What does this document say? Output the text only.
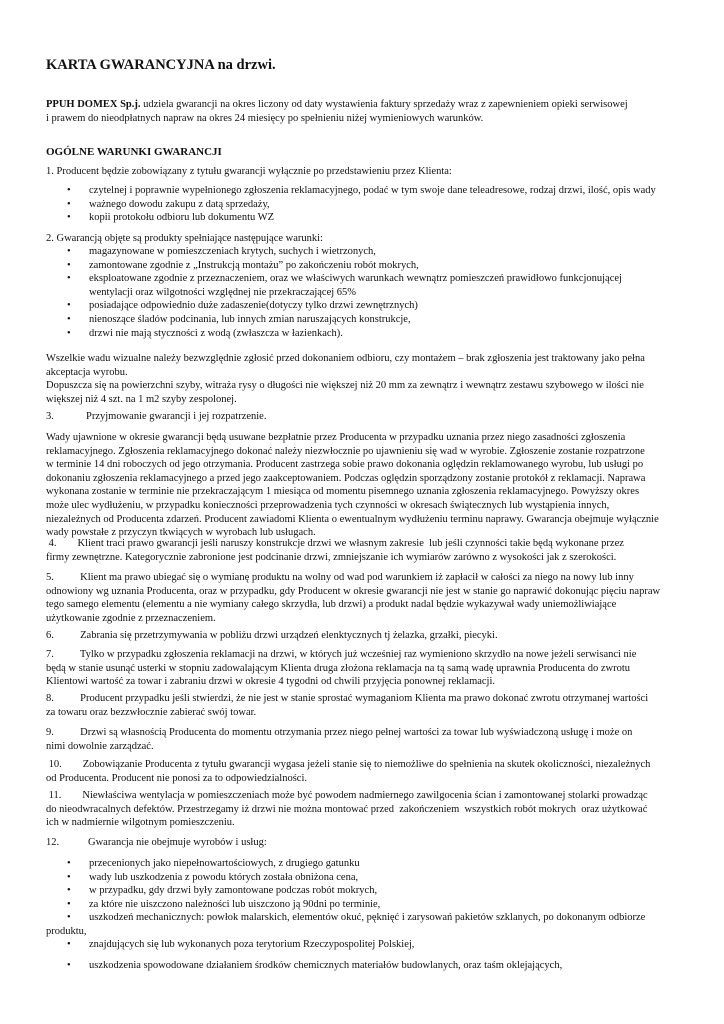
KARTA GWARANCYJNA na drzwi.

PPUH DOMEX Sp.j. udziela gwarancji na okres liczony od daty wystawienia faktury sprzedaży wraz z zapewnieniem opieki serwisowej
i prawem do nieodpłatnych napraw na okres 24 miesięcy po spełnieniu niżej wymieniowych warunków.

OGÓLNE WARUNKI GWARANCJI

1. Producent będzie zobowiązany z tytułu gwarancji wyłącznie po przedstawieniu przez Klienta:

• czytelnej i poprawnie wypełnionego zgłoszenia reklamacyjnego, podać w tym swoje dane teleadresowe, rodzaj drzwi, ilość, opis wady
• ważnego dowodu zakupu z datą sprzedaży,
• kopii protokołu odbioru lub dokumentu WZ

2. Gwarancją objęte są produkty spełniające następujące warunki:

• magazynowane w pomieszczeniach krytych, suchych i wietrzonych,
• zamontowane zgodnie z „Instrukcją montażu” po zakończeniu robót mokrych,
• eksploatowane zgodnie z przeznaczeniem, oraz we właściwych warunkach wewnątrz pomieszczeń prawidłowo funkcjonującej
wentylacji oraz wilgotności względnej nie przekraczającej 65%
• posiadające odpowiednio duże zadaszenie(dotyczy tylko drzwi zewnętrznych)
• nienoszące śladów podcinania, lub innych zmian naruszających konstrukcje,
• drzwi nie mają styczności z wodą (zwłaszcza w łazienkach).

Wszelkie wadu wizualne należy bezwzględnie zgłosić przed dokonaniem odbioru, czy montażem – brak zgłoszenia jest traktowany jako pełna
akceptacja wyrobu.
Dopuszcza się na powierzchni szyby, witraża rysy o długości nie większej niż 20 mm za zewnątrz i wewnątrz zestawu szybowego w ilości nie
większej niż 4 szt. na 1 m2 szyby zespolonej.

3.	Przyjmowanie gwarancji i jej rozpatrzenie.

Wady ujawnione w okresie gwarancji będą usuwane bezpłatnie przez Producenta w przypadku uznania przez niego zasadności zgłoszenia
reklamacyjnego. Zgłoszenia reklamacyjnego dokonać należy niezwłocznie po ujawnieniu się wad w wyrobie. Zgłoszenie zostanie rozpatrzone
w terminie 14 dni roboczych od jego otrzymania. Producent zastrzega sobie prawo dokonania oględzin reklamowanego wyrobu, lub usługi po
dokonaniu zgłoszenia reklamacyjnego a przed jego zaakceptowaniem. Podczas oględzin sporządzony zostanie protokół z reklamacji. Naprawa
wykonana zostanie w terminie nie przekraczającym 1 miesiąca od momentu pisemnego uznania zgłoszenia reklamacyjnego. Powyższy okres
może ulec wydłużeniu, w przypadku konieczności przeprowadzenia tych czynności w okresach świątecznych lub wystąpienia innych,
niezależnych od Producenta zdarzeń. Producent zawiadomi Klienta o ewentualnym wydłużeniu terminu naprawy. Gwarancja obejmuje wyłącznie
wady powstałe z przyczyn tkwiących w wyrobach lub usługach.

4.        Klient traci prawo gwarancji jeśli naruszy konstrukcje drzwi we własnym zakresie  lub jeśli czynności takie będą wykonane przez
firmy zewnętrzne. Kategorycznie zabronione jest podcinanie drzwi, zmniejszanie ich wymiarów zarówno z wysokości jak z szerokości.

5.          Klient ma prawo ubiegać się o wymianę produktu na wolny od wad pod warunkiem iż zapłacił w całości za niego na nowy lub inny
odnowiony wg uznania Producenta, oraz w przypadku, gdy Producent w okresie gwarancji nie jest w stanie go naprawić dokonując pięciu napraw
tego samego elementu (elementu a nie wymiany całego skrzydła, lub drzwi) a produkt nadal będzie wykazywał wady uniemożliwiające
użytkowanie zgodnie z przeznaczeniem.

6.          Zabrania się przetrzymywania w pobliżu drzwi urządzeń elenktycznych tj żelazka, grzałki, piecyki.

7.          Tylko w przypadku zgłoszenia reklamacji na drzwi, w których już wcześniej raz wymieniono skrzydło na nowe jeżeli serwisanci nie
będą w stanie usunąć usterki w stopniu zadowalającym Klienta druga złożona reklamacja na tą samą wadę uprawnia Producenta do zwrotu
Klientowi wartość za towar i zabraniu drzwi w okresie 4 tygodni od chwili przyjęcia ponownej reklamacji.

8.          Producent przypadku jeśli stwierdzi, że nie jest w stanie sprostać wymaganiom Klienta ma prawo dokonać zwrotu otrzymanej wartości
za towaru oraz bezzwłocznie zabierać swój towar.

9.          Drzwi są własnością Producenta do momentu otrzymania przez niego pełnej wartości za towar lub wyświadczoną usługę i może on
nimi dowolnie zarządzać.

10.        Zobowiązanie Producenta z tytułu gwarancji wygasa jeżeli stanie się to niemożliwe do spełnienia na skutek okoliczności, niezależnych
od Producenta. Producent nie ponosi za to odpowiedzialności.

11.        Niewłaściwa wentylacja w pomieszczeniach może być powodem nadmiernego zawilgocenia ścian i zamontowanej stolarki prowadząc
do nieodwracalnych defektów. Przestrzegamy iż drzwi nie można montować przed  zakończeniem  wszystkich robót mokrych  oraz użytkować
ich w nadmiernie wilgotnym pomieszczeniu.

12.           Gwarancja nie obejmuje wyrobów i usług:

• przecenionych jako niepełnowartościowych, z drugiego gatunku
• wady lub uszkodzenia z powodu których została obniżona cena,
• w przypadku, gdy drzwi były zamontowane podczas robót mokrych,
• za które nie uiszczono należności lub uiszczono ją 90dni po terminie,
• uszkodzeń mechanicznych: powłok malarskich, elementów okuć, pęknięć i zarysowań pakietów szklanych, po dokonanym odbiorze

produktu,

• znajdujących się lub wykonanych poza terytorium Rzeczypospolitej Polskiej,
• uszkodzenia spowodowane działaniem środków chemicznych materiałów budowlanych, oraz taśm oklejających,
